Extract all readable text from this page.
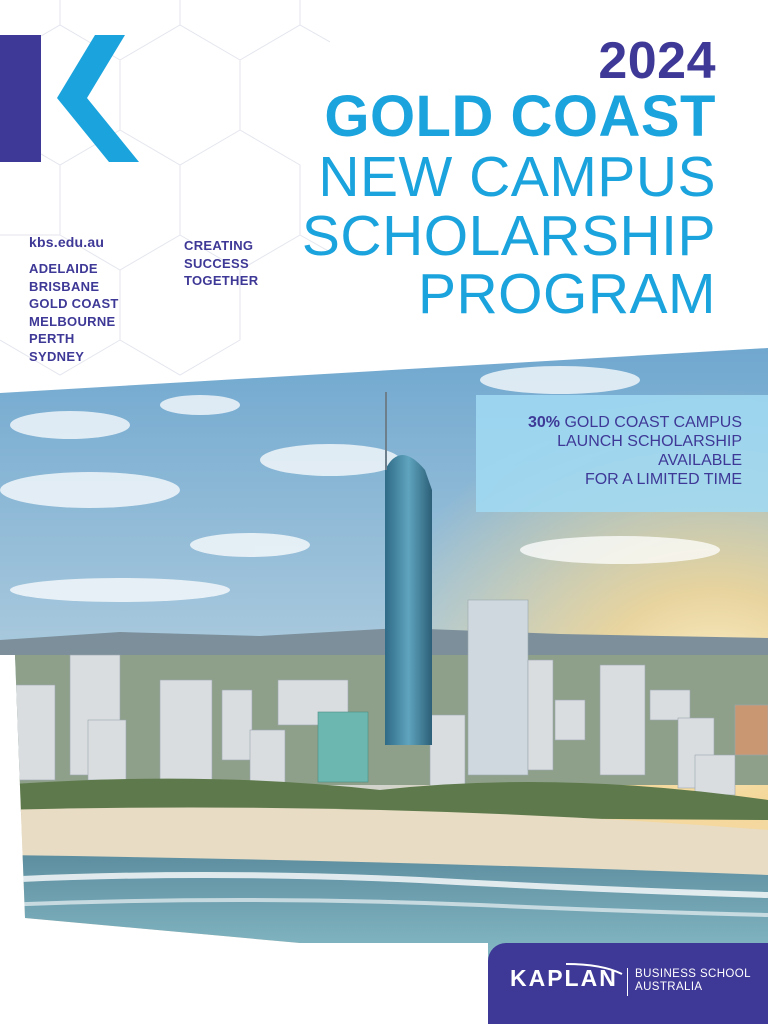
kbs.edu.au
ADELAIDE
BRISBANE
GOLD COAST
MELBOURNE
PERTH
SYDNEY
CREATING
SUCCESS
TOGETHER
2024
GOLD COAST
NEW CAMPUS
SCHOLARSHIP
PROGRAM
30% GOLD COAST CAMPUS
LAUNCH SCHOLARSHIP
AVAILABLE
FOR A LIMITED TIME
KAPLAN BUSINESS SCHOOL
AUSTRALIA
